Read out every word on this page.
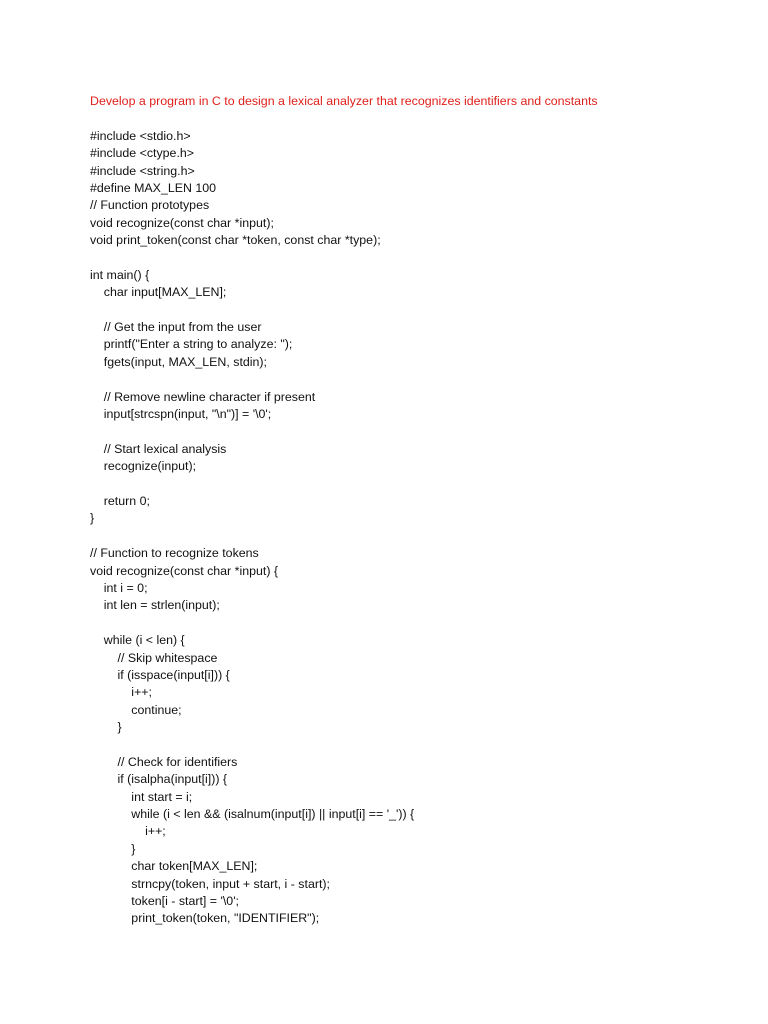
Develop a program in C to design a lexical analyzer that recognizes identifiers and constants
#include <stdio.h>
#include <ctype.h>
#include <string.h>
#define MAX_LEN 100
// Function prototypes
void recognize(const char *input);
void print_token(const char *token, const char *type);
int main() {
char input[MAX_LEN];
// Get the input from the user
printf("Enter a string to analyze: ");
fgets(input, MAX_LEN, stdin);
// Remove newline character if present
input[strcspn(input, "\n")] = '\0';
// Start lexical analysis
recognize(input);
return 0;
}
// Function to recognize tokens
void recognize(const char *input) {
int i = 0;
int len = strlen(input);
while (i < len) {
// Skip whitespace
if (isspace(input[i])) {
i++;
continue;
}
// Check for identifiers
if (isalpha(input[i])) {
int start = i;
while (i < len && (isalnum(input[i]) || input[i] == '_')) {
i++;
}
char token[MAX_LEN];
strncpy(token, input + start, i - start);
token[i - start] = '\0';
print_token(token, "IDENTIFIER");
